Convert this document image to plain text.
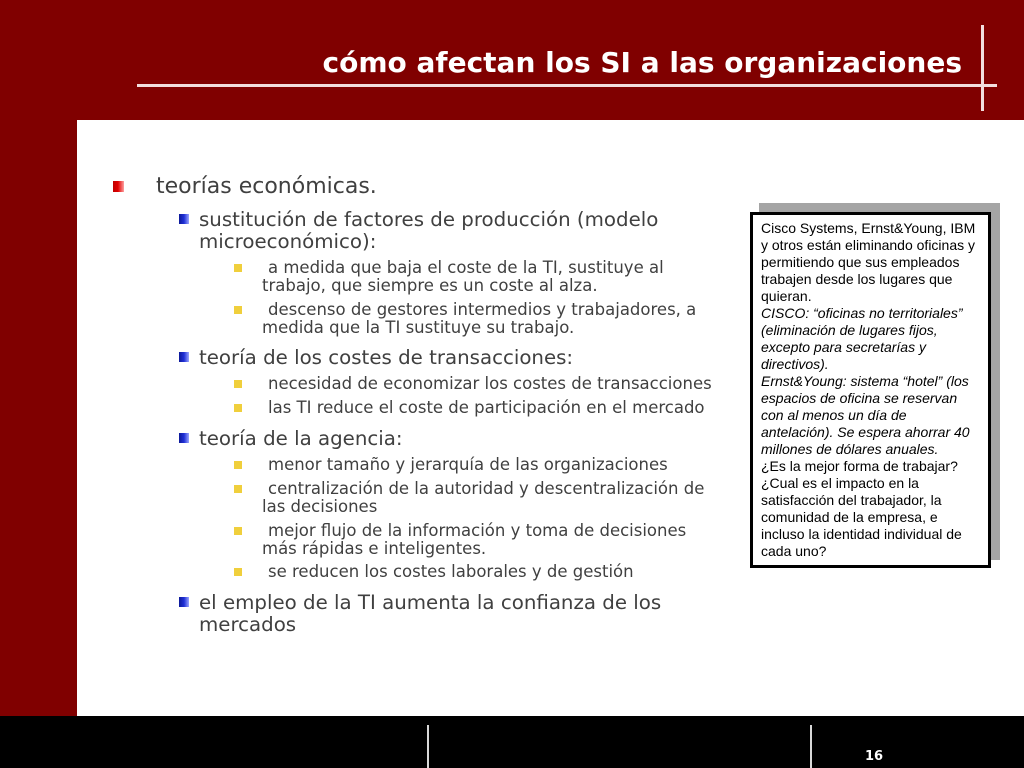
cómo afectan los SI a las organizaciones
teorías económicas.
sustitución de factores de producción (modelo
microeconómico):
a medida que baja el coste de la TI, sustituye al
trabajo, que siempre es un coste al alza.
descenso de gestores intermedios y trabajadores, a
medida que la TI sustituye su trabajo.
teoría de los costes de transacciones:
necesidad de economizar los costes de transacciones
las TI reduce el coste de participación en el mercado
teoría de la agencia:
menor tamaño y jerarquía de las organizaciones
centralización de la autoridad y descentralización de
las decisiones
mejor flujo de la información y toma de decisiones
más rápidas e inteligentes.
se reducen los costes laborales y de gestión
el empleo de la TI aumenta la confianza de los
mercados
Cisco Systems, Ernst&Young, IBM
y otros están eliminando oficinas y
permitiendo que sus empleados
trabajen desde los lugares que
quieran.
CISCO: “oficinas no territoriales”
(eliminación de lugares fijos,
excepto para secretarías y
directivos).
Ernst&Young: sistema “hotel” (los
espacios de oficina se reservan
con al menos un día de
antelación). Se espera ahorrar 40
millones de dólares anuales.
¿Es la mejor forma de trabajar?
¿Cual es el impacto en la
satisfacción del trabajador, la
comunidad de la empresa, e
incluso la identidad individual de
cada uno?
16
